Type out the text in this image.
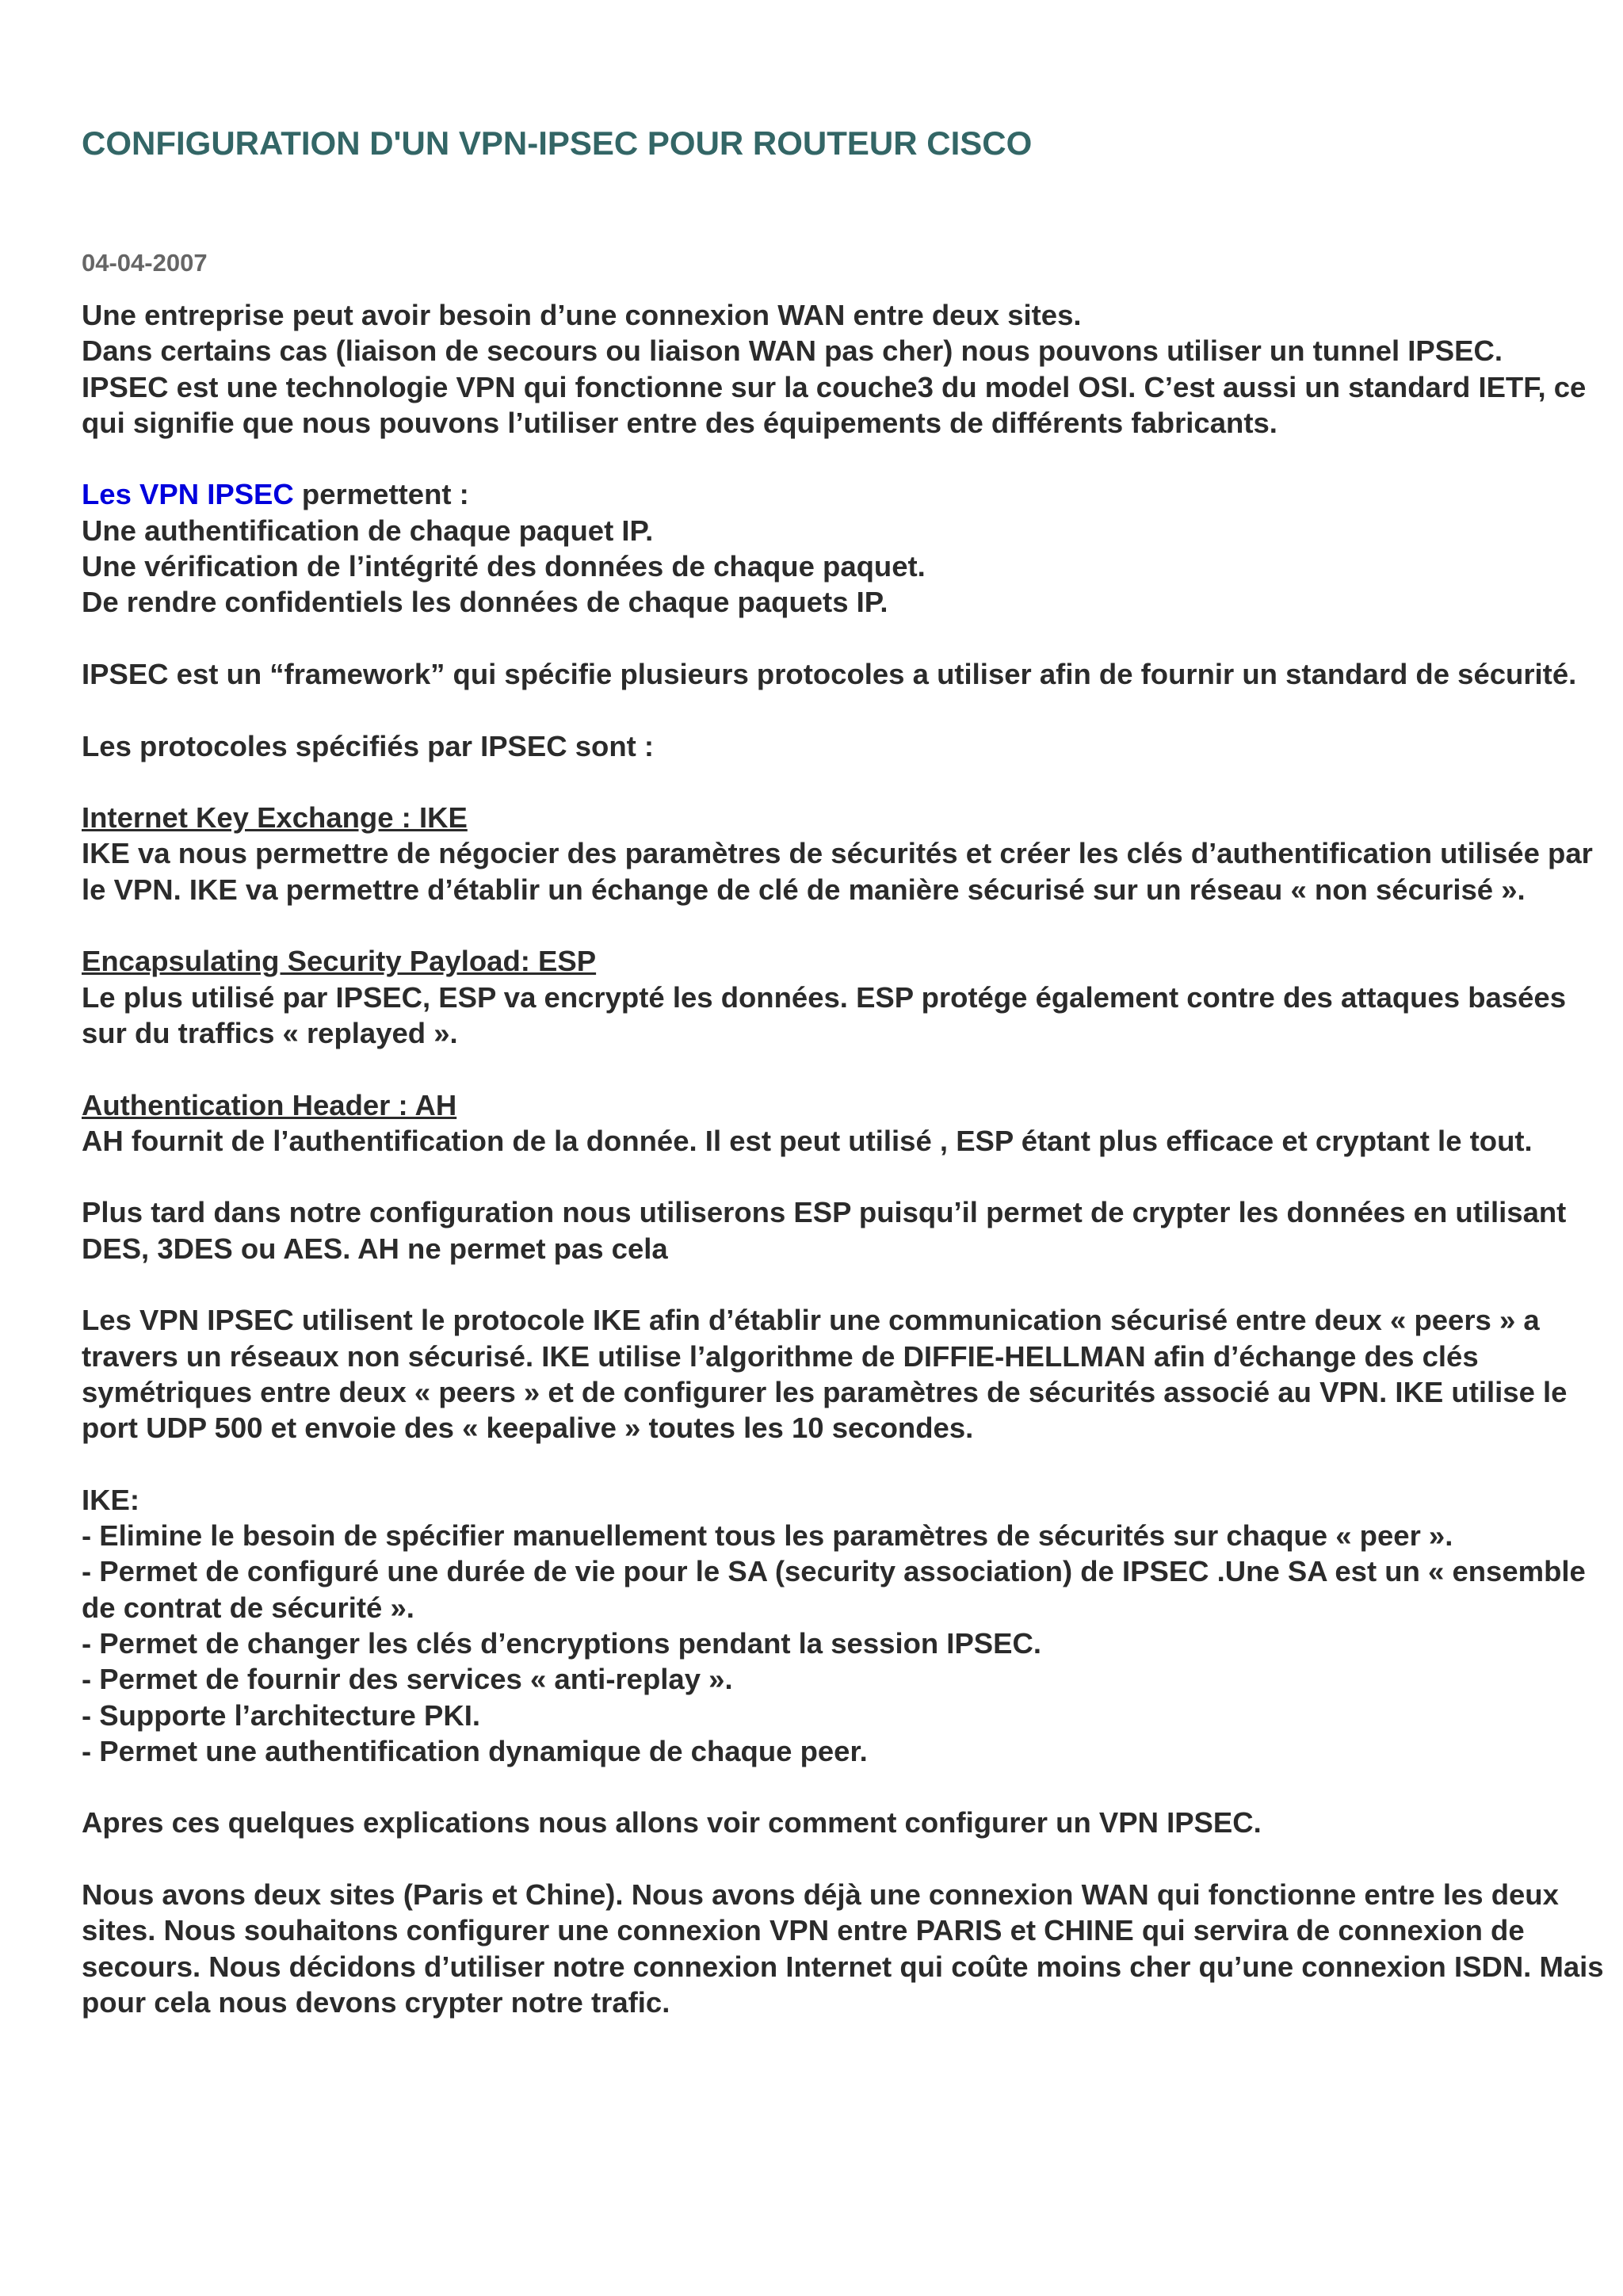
CONFIGURATION D'UN VPN-IPSEC POUR ROUTEUR CISCO
04-04-2007

Une entreprise peut avoir besoin d’une connexion WAN entre deux sites.
Dans certains cas (liaison de secours ou liaison WAN pas cher) nous pouvons utiliser un tunnel IPSEC.
IPSEC est une technologie VPN qui fonctionne sur la couche3 du model OSI. C’est aussi un standard IETF, ce qui signifie que nous pouvons l’utiliser entre des équipements de différents fabricants.

Les VPN IPSEC permettent :
Une authentification de chaque paquet IP.
Une vérification de l’intégrité des données de chaque paquet.
De rendre confidentiels les données de chaque paquets IP.

IPSEC est un “framework” qui spécifie plusieurs protocoles a utiliser afin de fournir un standard de sécurité.

Les protocoles spécifiés par IPSEC sont :

Internet Key Exchange : IKE
IKE va nous permettre de négocier des paramètres de sécurités et créer les clés d’authentification utilisée par le VPN. IKE va permettre d’établir un échange de clé de manière sécurisé sur un réseau « non sécurisé ».

Encapsulating Security Payload: ESP
Le plus utilisé par IPSEC, ESP va encrypté les données. ESP protége également contre des attaques basées sur du traffics « replayed ».

Authentication Header : AH
AH fournit de l’authentification de la donnée. Il est peut utilisé , ESP étant plus efficace et cryptant le tout.

Plus tard dans notre configuration nous utiliserons ESP puisqu’il permet de crypter les données en utilisant DES, 3DES ou AES. AH ne permet pas cela

Les VPN IPSEC utilisent le protocole IKE afin d’établir une communication sécurisé entre deux « peers » a travers un réseaux non sécurisé. IKE utilise l’algorithme de DIFFIE-HELLMAN afin d’échange des clés symétriques entre deux « peers » et de configurer les paramètres de sécurités associé au VPN. IKE utilise le port UDP 500 et envoie des « keepalive » toutes les 10 secondes.

IKE:
- Elimine le besoin de spécifier manuellement tous les paramètres de sécurités sur chaque « peer ».
- Permet de configuré une durée de vie pour le SA (security association) de IPSEC .Une SA est un « ensemble de contrat de sécurité ».
- Permet de changer les clés d’encryptions pendant la session IPSEC.
- Permet de fournir des services « anti-replay ».
- Supporte l’architecture PKI.
- Permet une authentification dynamique de chaque peer.

Apres ces quelques explications nous allons voir comment configurer un VPN IPSEC.

Nous avons deux sites (Paris et Chine). Nous avons déjà une connexion WAN qui fonctionne entre les deux sites. Nous souhaitons configurer une connexion VPN entre PARIS et CHINE qui servira de connexion de secours. Nous décidons d’utiliser notre connexion Internet qui coûte moins cher qu’une connexion ISDN. Mais pour cela nous devons crypter notre trafic.
